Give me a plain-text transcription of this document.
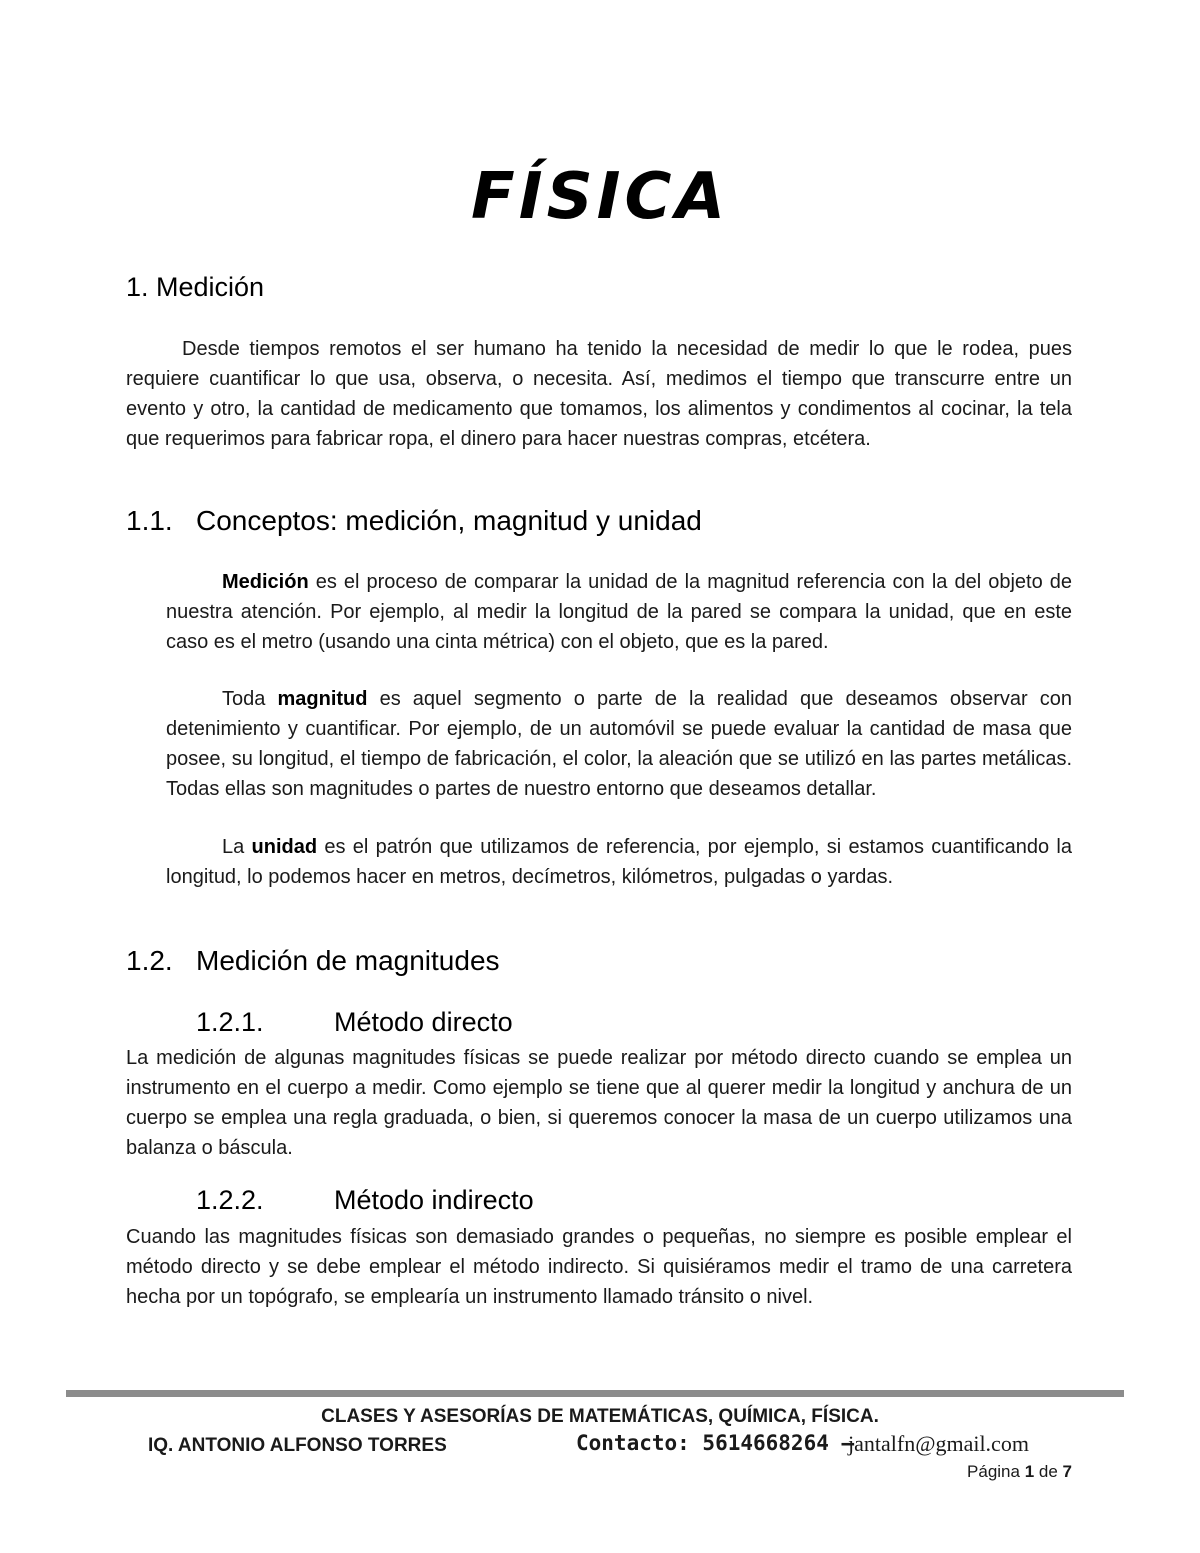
FÍSICA
1. Medición

Desde tiempos remotos el ser humano ha tenido la necesidad de medir lo que le rodea, pues requiere cuantificar lo que usa, observa, o necesita. Así, medimos el tiempo que transcurre entre un evento y otro, la cantidad de medicamento que tomamos, los alimentos y condimentos al cocinar, la tela que requerimos para fabricar ropa, el dinero para hacer nuestras compras, etcétera.

1.1. Conceptos: medición, magnitud y unidad

Medición es el proceso de comparar la unidad de la magnitud referencia con la del objeto de nuestra atención. Por ejemplo, al medir la longitud de la pared se compara la unidad, que en este caso es el metro (usando una cinta métrica) con el objeto, que es la pared.

Toda magnitud es aquel segmento o parte de la realidad que deseamos observar con detenimiento y cuantificar. Por ejemplo, de un automóvil se puede evaluar la cantidad de masa que posee, su longitud, el tiempo de fabricación, el color, la aleación que se utilizó en las partes metálicas. Todas ellas son magnitudes o partes de nuestro entorno que deseamos detallar.

La unidad es el patrón que utilizamos de referencia, por ejemplo, si estamos cuantificando la longitud, lo podemos hacer en metros, decímetros, kilómetros, pulgadas o yardas.

1.2. Medición de magnitudes
1.2.1.	Método directo

La medición de algunas magnitudes físicas se puede realizar por método directo cuando se emplea un instrumento en el cuerpo a medir. Como ejemplo se tiene que al querer medir la longitud y anchura de un cuerpo se emplea una regla graduada, o bien, si queremos conocer la masa de un cuerpo utilizamos una balanza o báscula.

1.2.2.	Método indirecto

Cuando las magnitudes físicas son demasiado grandes o pequeñas, no siempre es posible emplear el método directo y se debe emplear el método indirecto. Si quisiéramos medir el tramo de una carretera hecha por un topógrafo, se emplearía un instrumento llamado tránsito o nivel.

CLASES Y ASESORÍAS DE MATEMÁTICAS, QUÍMICA, FÍSICA.
IQ. ANTONIO ALFONSO TORRES	Contacto: 5614668264 –
jantalfn@gmail.com
Página 1 de 7
